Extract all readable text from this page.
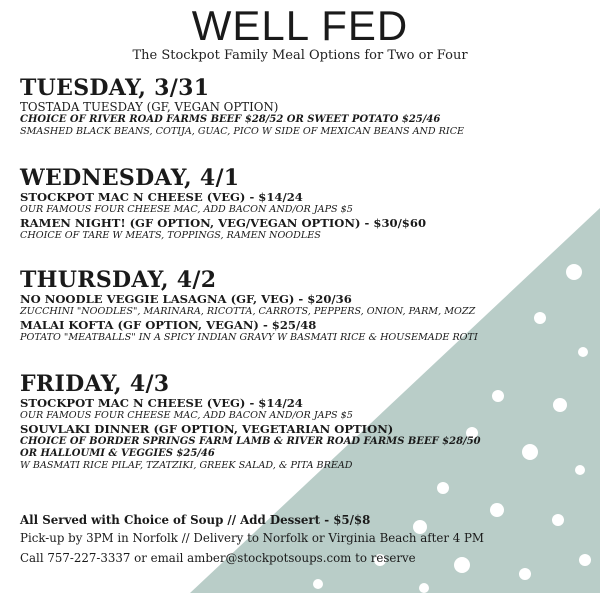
WELL FED
The Stockpot Family Meal Options for Two or Four
TUESDAY, 3/31
TOSTADA TUESDAY (GF, VEGAN OPTION)
CHOICE OF RIVER ROAD FARMS BEEF $28/52 OR SWEET POTATO $25/46
SMASHED BLACK BEANS, COTIJA, GUAC, PICO W SIDE OF MEXICAN BEANS AND RICE
WEDNESDAY, 4/1
STOCKPOT MAC N CHEESE (VEG) - $14/24
OUR FAMOUS FOUR CHEESE MAC, ADD BACON AND/OR JAPS $5
RAMEN NIGHT! (GF OPTION, VEG/VEGAN OPTION) - $30/$60
CHOICE OF TARE W MEATS, TOPPINGS, RAMEN NOODLES
THURSDAY, 4/2
NO NOODLE VEGGIE LASAGNA (GF, VEG) - $20/36
ZUCCHINI "NOODLES", MARINARA, RICOTTA, CARROTS, PEPPERS, ONION, PARM, MOZZ
MALAI KOFTA (GF OPTION, VEGAN) - $25/48
POTATO "MEATBALLS" IN A SPICY INDIAN GRAVY W BASMATI RICE & HOUSEMADE ROTI
FRIDAY, 4/3
STOCKPOT MAC N CHEESE (VEG) - $14/24
OUR FAMOUS FOUR CHEESE MAC, ADD BACON AND/OR JAPS $5
SOUVLAKI DINNER (GF OPTION, VEGETARIAN OPTION)
CHOICE OF BORDER SPRINGS FARM LAMB & RIVER ROAD FARMS BEEF $28/50
OR HALLOUMI & VEGGIES $25/46
W BASMATI RICE PILAF, TZATZIKI, GREEK SALAD, & PITA BREAD
All Served with Choice of Soup // Add Dessert - $5/$8
Pick-up by 3PM in Norfolk // Delivery to Norfolk or Virginia Beach after 4 PM
Call 757-227-3337 or email amber@stockpotsoups.com to reserve
